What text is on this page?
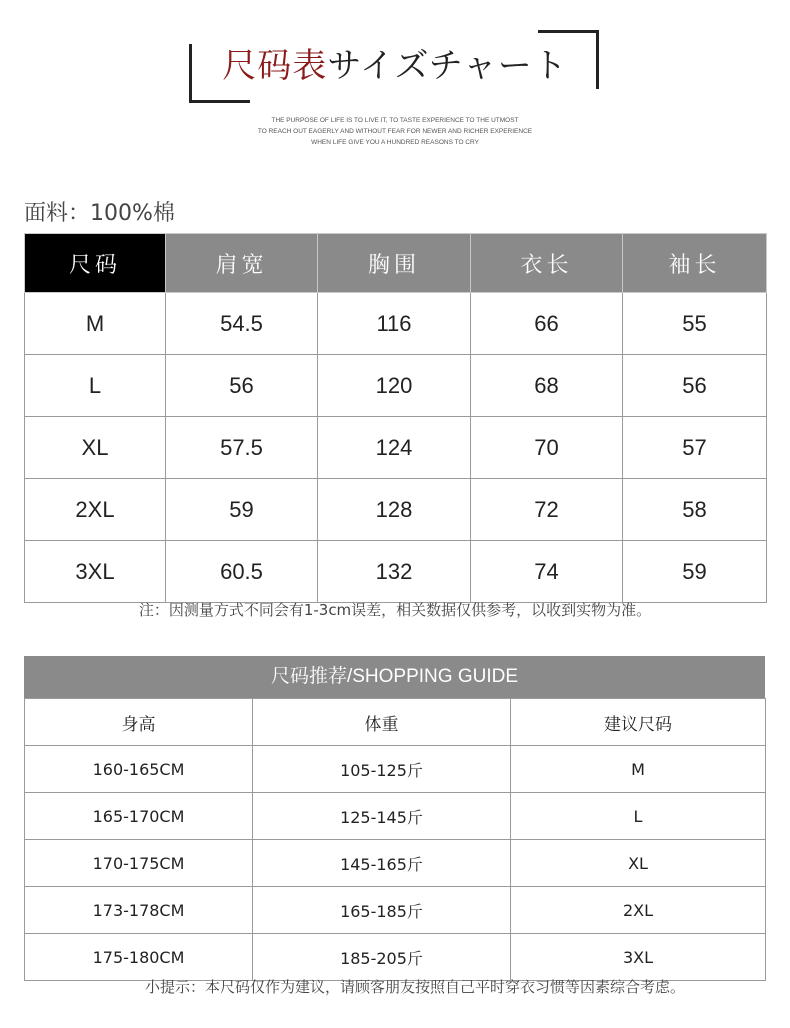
尺码表サイズチャート
THE PURPOSE OF LIFE IS TO LIVE IT, TO TASTE EXPERIENCE TO THE UTMOST
TO REACH OUT EAGERLY AND WITHOUT FEAR FOR NEWER AND RICHER EXPERIENCE
WHEN LIFE GIVE YOU A HUNDRED REASONS TO CRY
面料：100%棉
尺码	肩宽	胸围	衣长	袖长
M	54.5	116	66	55
L	56	120	68	56
XL	57.5	124	70	57
2XL	59	128	72	58
3XL	60.5	132	74	59
注：因测量方式不同会有1-3cm误差，相关数据仅供参考，以收到实物为准。
尺码推荐/SHOPPING GUIDE
身高	体重	建议尺码
160-165CM	105-125斤	M
165-170CM	125-145斤	L
170-175CM	145-165斤	XL
173-178CM	165-185斤	2XL
175-180CM	185-205斤	3XL
小提示：本尺码仅作为建议，请顾客朋友按照自己平时穿衣习惯等因素综合考虑。
